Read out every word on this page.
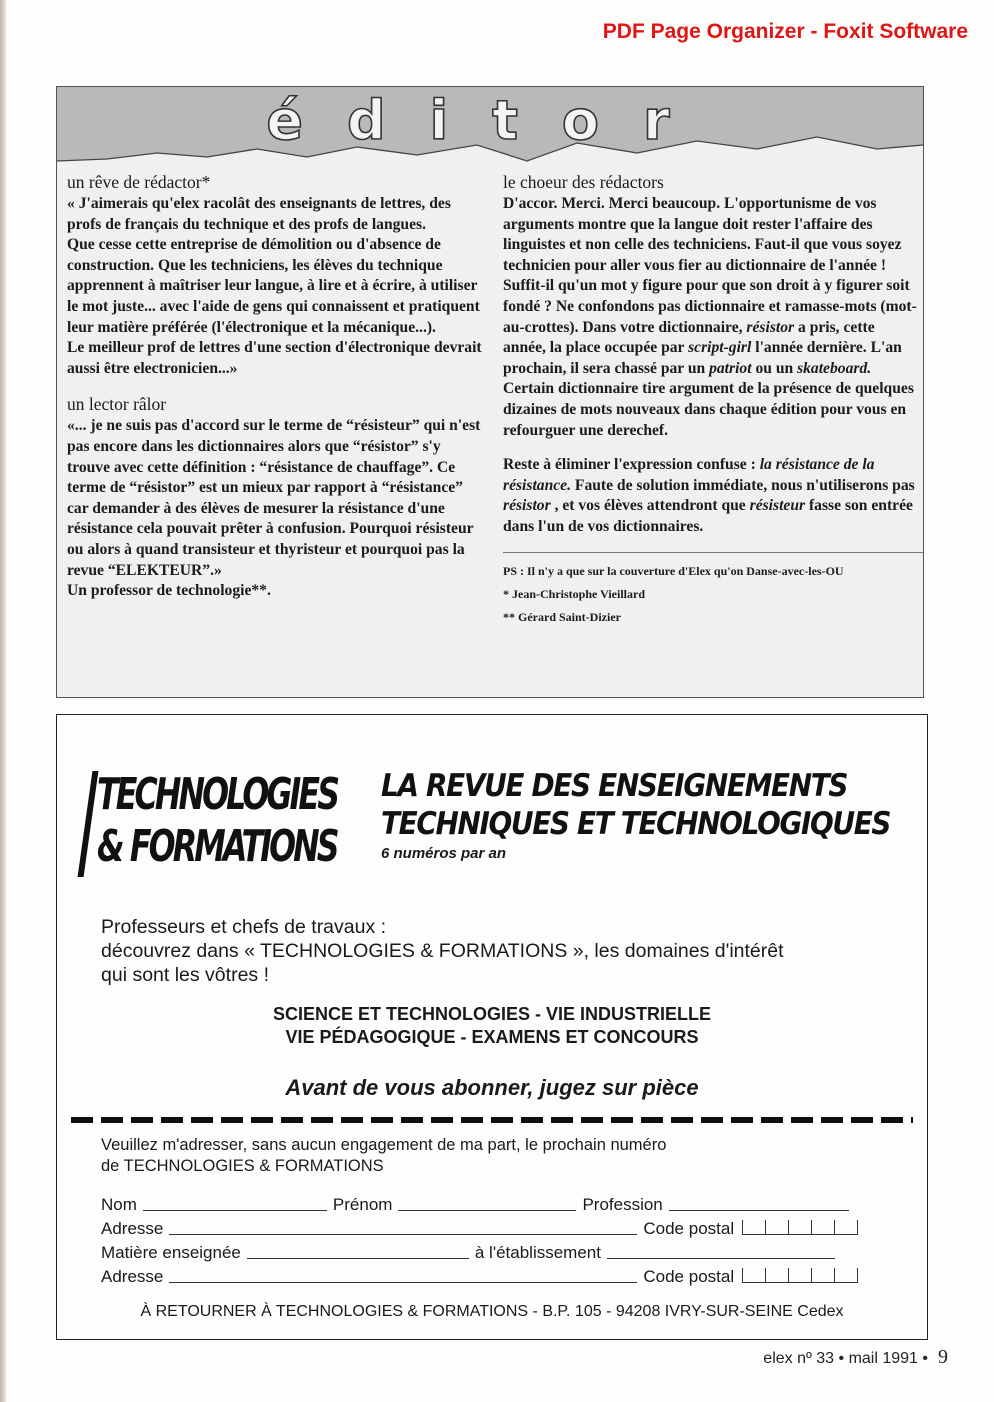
PDF Page Organizer - Foxit Software
éditor
un rêve de rédactor*

« J'aimerais qu'elex racolât des enseignants de lettres, des profs de français du technique et des profs de langues.

Que cesse cette entreprise de démolition ou d'absence de construction. Que les techniciens, les élèves du technique apprennent à maîtriser leur langue, à lire et à écrire, à utiliser le mot juste... avec l'aide de gens qui connaissent et pratiquent leur matière préférée (l'électronique et la mécanique...).

Le meilleur prof de lettres d'une section d'électronique devrait aussi être electronicien...»

un lector râlor

«... je ne suis pas d'accord sur le terme de “résisteur” qui n'est pas encore dans les dictionnaires alors que “résistor” s'y trouve avec cette définition : “résistance de chauffage”. Ce terme de “résistor” est un mieux par rapport à “résistance” car demander à des élèves de mesurer la résistance d'une résistance cela pouvait prêter à confusion. Pourquoi résisteur ou alors à quand transisteur et thyristeur et pourquoi pas la revue “ELEKTEUR”.»

Un professor de technologie**.

le choeur des rédactors

D'accor. Merci. Merci beaucoup. L'opportunisme de vos arguments montre que la langue doit rester l'affaire des linguistes et non celle des techniciens. Faut-il que vous soyez technicien pour aller vous fier au dictionnaire de l'année ! Suffit-il qu'un mot y figure pour que son droit à y figurer soit fondé ? Ne confondons pas dictionnaire et ramasse-mots (mot-au-crottes). Dans votre dictionnaire, résistor a pris, cette année, la place occupée par script-girl l'année dernière. L'an prochain, il sera chassé par un patriot ou un skateboard. Certain dictionnaire tire argument de la présence de quelques dizaines de mots nouveaux dans chaque édition pour vous en refourguer une derechef.

Reste à éliminer l'expression confuse : la résistance de la résistance. Faute de solution immédiate, nous n'utiliserons pas résistor , et vos élèves attendront que résisteur fasse son entrée dans l'un de vos dictionnaires.

PS : Il n'y a que sur la couverture d'Elex qu'on Danse-avec-les-OU
* Jean-Christophe Vieillard
** Gérard Saint-Dizier
TECHNOLOGIES
& FORMATIONS
LA REVUE DES ENSEIGNEMENTS
TECHNIQUES ET TECHNOLOGIQUES
6 numéros par an
Professeurs et chefs de travaux :
découvrez dans « TECHNOLOGIES & FORMATIONS », les domaines d'intérêt
qui sont les vôtres !
SCIENCE ET TECHNOLOGIES - VIE INDUSTRIELLE
VIE PÉDAGOGIQUE - EXAMENS ET CONCOURS
Avant de vous abonner, jugez sur pièce
Veuillez m'adresser, sans aucun engagement de ma part, le prochain numéro
de TECHNOLOGIES & FORMATIONS
Nom	Prénom	Profession
Adresse	Code postal
Matière enseignée	à l'établissement
Adresse	Code postal
À RETOURNER À TECHNOLOGIES & FORMATIONS - B.P. 105 - 94208 IVRY-SUR-SEINE Cedex
elex nº 33 • mail 1991 • 9
